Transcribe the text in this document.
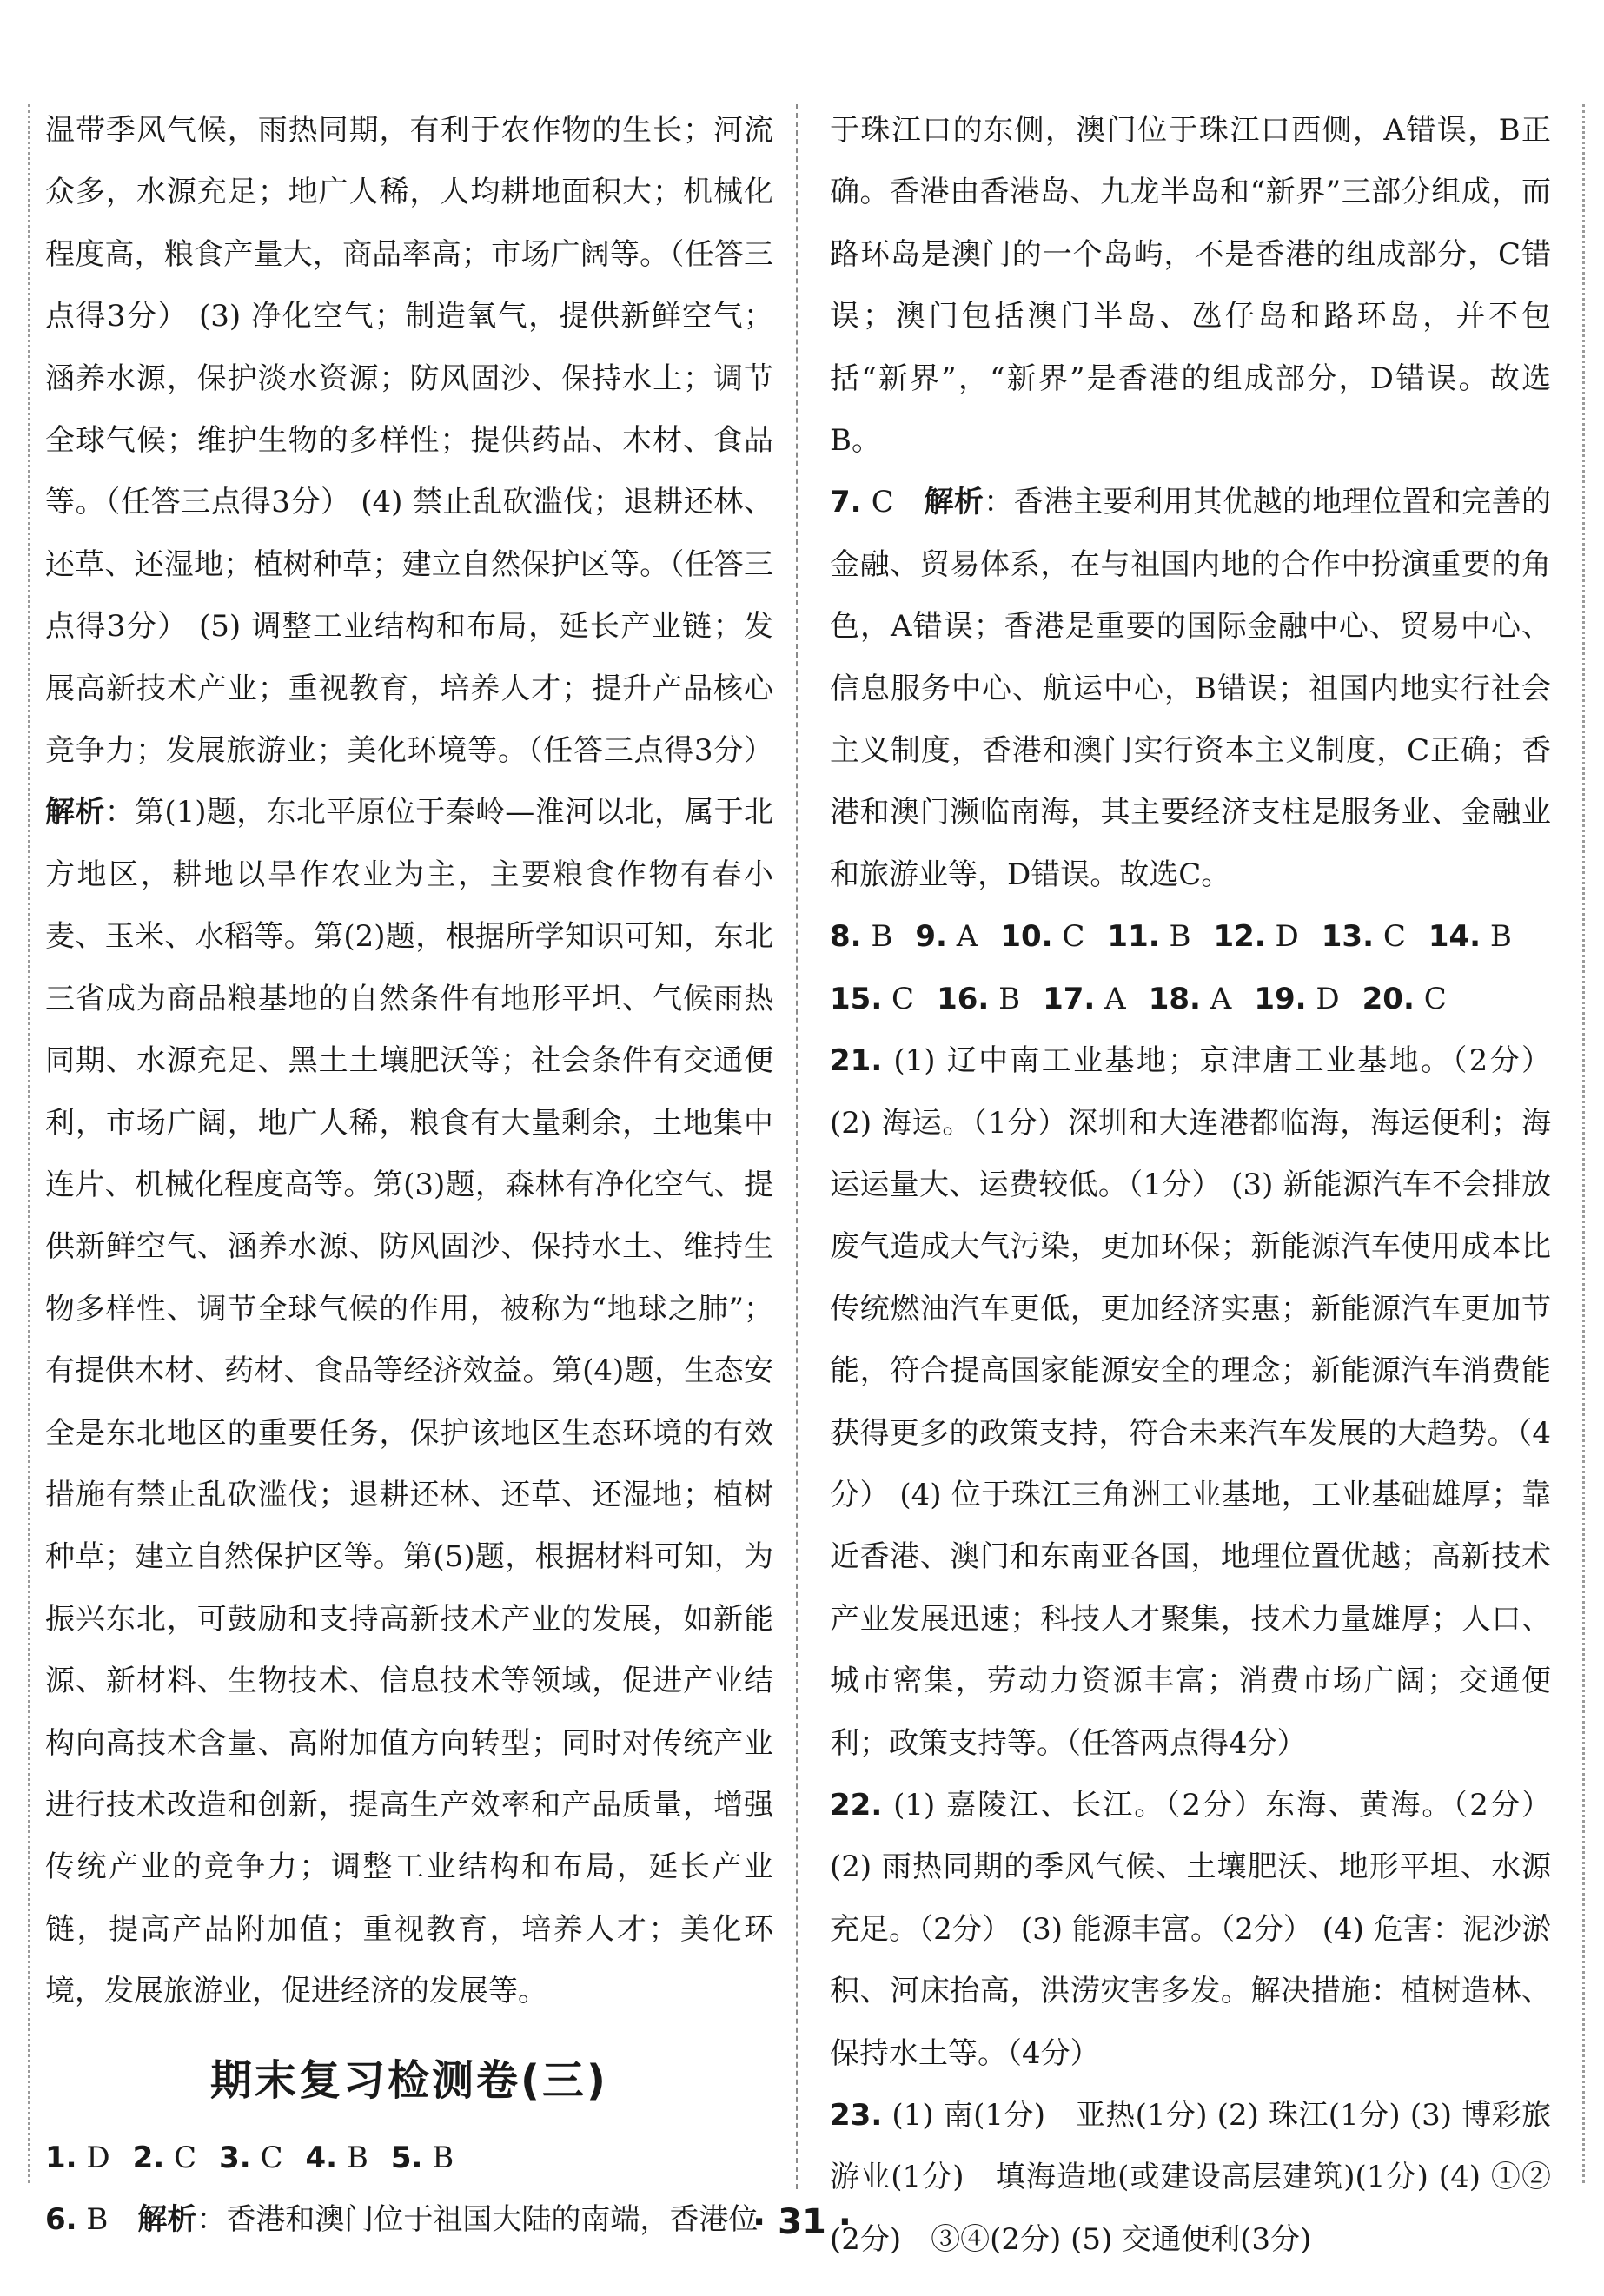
温带季风气候，雨热同期，有利于农作物的生长；河流众多，水源充足；地广人稀，人均耕地面积大；机械化程度高，粮食产量大，商品率高；市场广阔等。（任答三点得3分） (3) 净化空气；制造氧气，提供新鲜空气；涵养水源，保护淡水资源；防风固沙、保持水土；调节全球气候；维护生物的多样性；提供药品、木材、食品等。（任答三点得3分） (4) 禁止乱砍滥伐；退耕还林、还草、还湿地；植树种草；建立自然保护区等。（任答三点得3分） (5) 调整工业结构和布局，延长产业链；发展高新技术产业；重视教育，培养人才；提升产品核心竞争力；发展旅游业；美化环境等。（任答三点得3分）解析：第(1)题，东北平原位于秦岭—淮河以北，属于北方地区，耕地以旱作农业为主，主要粮食作物有春小麦、玉米、水稻等。第(2)题，根据所学知识可知，东北三省成为商品粮基地的自然条件有地形平坦、气候雨热同期、水源充足、黑土土壤肥沃等；社会条件有交通便利，市场广阔，地广人稀，粮食有大量剩余，土地集中连片、机械化程度高等。第(3)题，森林有净化空气、提供新鲜空气、涵养水源、防风固沙、保持水土、维持生物多样性、调节全球气候的作用，被称为“地球之肺”；有提供木材、药材、食品等经济效益。第(4)题，生态安全是东北地区的重要任务，保护该地区生态环境的有效措施有禁止乱砍滥伐；退耕还林、还草、还湿地；植树种草；建立自然保护区等。第(5)题，根据材料可知，为振兴东北，可鼓励和支持高新技术产业的发展，如新能源、新材料、生物技术、信息技术等领域，促进产业结构向高技术含量、高附加值方向转型；同时对传统产业进行技术改造和创新，提高生产效率和产品质量，增强传统产业的竞争力；调整工业结构和布局，延长产业链，提高产品附加值；重视教育，培养人才；美化环境，发展旅游业，促进经济的发展等。

期末复习检测卷(三)

1. D 2. C 3. C 4. B 5. B

6. B　 解析：香港和澳门位于祖国大陆的南端，香港位

于珠江口的东侧，澳门位于珠江口西侧，A错误，B正确。香港由香港岛、九龙半岛和“新界”三部分组成，而路环岛是澳门的一个岛屿，不是香港的组成部分，C错误；澳门包括澳门半岛、氹仔岛和路环岛，并不包括“新界”，“新界”是香港的组成部分，D错误。故选B。

7. C　 解析：香港主要利用其优越的地理位置和完善的金融、贸易体系，在与祖国内地的合作中扮演重要的角色，A错误；香港是重要的国际金融中心、贸易中心、信息服务中心、航运中心，B错误；祖国内地实行社会主义制度，香港和澳门实行资本主义制度，C正确；香港和澳门濒临南海，其主要经济支柱是服务业、金融业和旅游业等，D错误。故选C。

8. B 9. A 10. C 11. B 12. D 13. C 14. B

15. C 16. B 17. A 18. A 19. D 20. C

21. (1) 辽中南工业基地；京津唐工业基地。（2分） (2) 海运。（1分）深圳和大连港都临海，海运便利；海运运量大、运费较低。（1分） (3) 新能源汽车不会排放废气造成大气污染，更加环保；新能源汽车使用成本比传统燃油汽车更低，更加经济实惠；新能源汽车更加节能，符合提高国家能源安全的理念；新能源汽车消费能获得更多的政策支持，符合未来汽车发展的大趋势。（4分） (4) 位于珠江三角洲工业基地，工业基础雄厚；靠近香港、澳门和东南亚各国，地理位置优越；高新技术产业发展迅速；科技人才聚集，技术力量雄厚；人口、城市密集，劳动力资源丰富；消费市场广阔；交通便利；政策支持等。（任答两点得4分）

22. (1) 嘉陵江、长江。（2分）东海、黄海。（2分） (2) 雨热同期的季风气候、土壤肥沃、地形平坦、水源充足。（2分） (3) 能源丰富。（2分） (4) 危害：泥沙淤积、河床抬高，洪涝灾害多发。解决措施：植树造林、保持水土等。（4分）

23. (1) 南(1分)　亚热(1分) (2) 珠江(1分) (3) 博彩旅游业(1分)　填海造地(或建设高层建筑)(1分) (4) ①②(2分)　③④(2分) (5) 交通便利(3分)

· 31 ·
